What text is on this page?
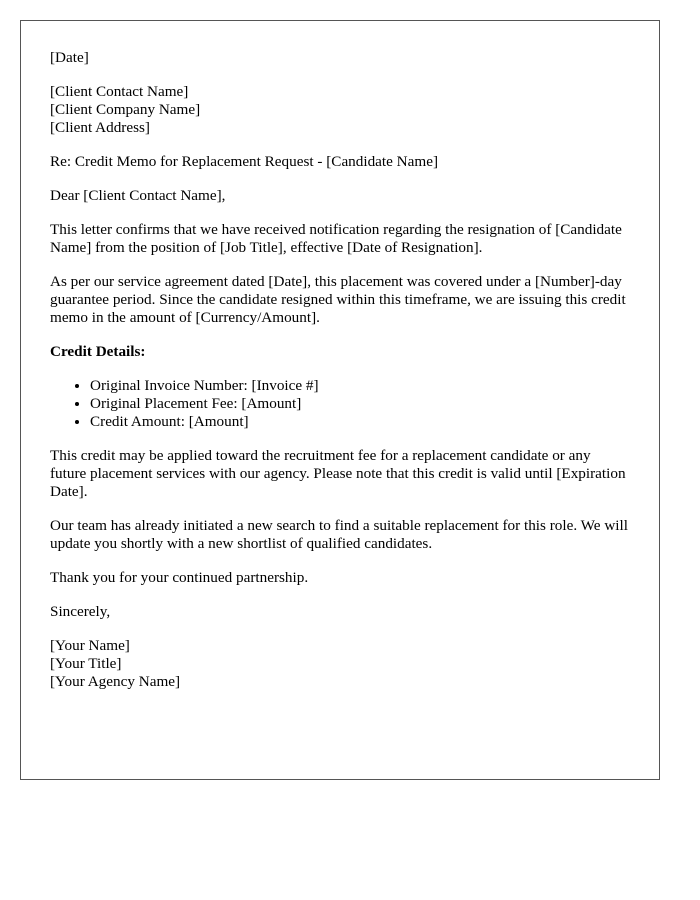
[Date]

[Client Contact Name]
[Client Company Name]
[Client Address]

Re: Credit Memo for Replacement Request - [Candidate Name]

Dear [Client Contact Name],

This letter confirms that we have received notification regarding the resignation of [Candidate Name] from the position of [Job Title], effective [Date of Resignation].

As per our service agreement dated [Date], this placement was covered under a [Number]-day guarantee period. Since the candidate resigned within this timeframe, we are issuing this credit memo in the amount of [Currency/Amount].

Credit Details:

• Original Invoice Number: [Invoice #]
• Original Placement Fee: [Amount]
• Credit Amount: [Amount]

This credit may be applied toward the recruitment fee for a replacement candidate or any future placement services with our agency. Please note that this credit is valid until [Expiration Date].

Our team has already initiated a new search to find a suitable replacement for this role. We will update you shortly with a new shortlist of qualified candidates.

Thank you for your continued partnership.

Sincerely,

[Your Name]
[Your Title]
[Your Agency Name]
